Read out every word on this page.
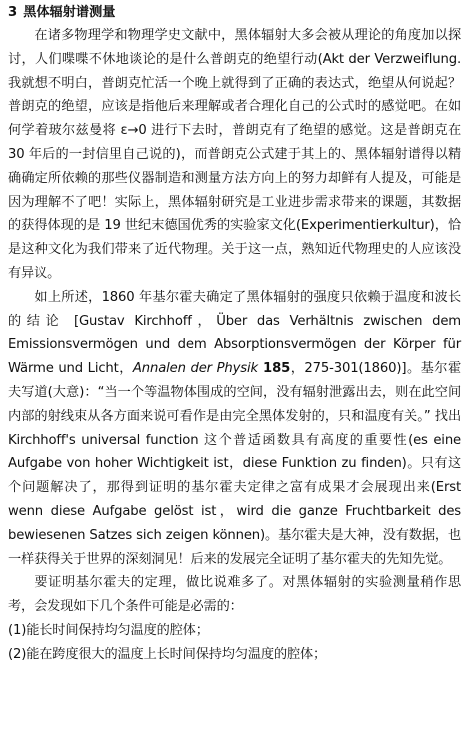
3 黑体辐射谱测量

在诸多物理学和物理学史文献中，黑体辐射大多会被从理论的角度加以探讨，人们喋喋不休地谈论的是什么普朗克的绝望行动(Akt der Verzweiflung.我就想不明白，普朗克忙活一个晚上就得到了正确的表达式，绝望从何说起？普朗克的绝望，应该是指他后来理解或者合理化自己的公式时的感觉吧。在如何学着玻尔兹曼将 ε→0 进行下去时，普朗克有了绝望的感觉。这是普朗克在 30 年后的一封信里自己说的)，而普朗克公式建于其上的、黑体辐射谱得以精确确定所依赖的那些仪器制造和测量方法方向上的努力却鲜有人提及，可能是因为理解不了吧！实际上，黑体辐射研究是工业进步需求带来的课题，其数据的获得体现的是 19 世纪末德国优秀的实验家文化(Experimentierkultur)，恰是这种文化为我们带来了近代物理。关于这一点，熟知近代物理史的人应该没有异议。

如上所述，1860 年基尔霍夫确定了黑体辐射的强度只依赖于温度和波长的结论 [Gustav Kirchhoff，Über das Verhältnis zwischen dem Emissionsvermögen und dem Absorptionsvermögen der Körper für Wärme und Licht，Annalen der Physik 185，275-301(1860)]。基尔霍夫写道(大意)：“当一个等温物体围成的空间，没有辐射泄露出去，则在此空间内部的射线束从各方面来说可看作是由完全黑体发射的，只和温度有关。” 找出 Kirchhoff's universal function 这个普适函数具有高度的重要性(es eine Aufgabe von hoher Wichtigkeit ist，diese Funktion zu finden)。只有这个问题解决了，那得到证明的基尔霍夫定律之富有成果才会展现出来(Erst wenn diese Aufgabe gelöst ist，wird die ganze Fruchtbarkeit des bewiesenen Satzes sich zeigen können)。基尔霍夫是大神，没有数据，也一样获得关于世界的深刻洞见！后来的发展完全证明了基尔霍夫的先知先觉。

要证明基尔霍夫的定理，做比说难多了。对黑体辐射的实验测量稍作思考，会发现如下几个条件可能是必需的：

(1)能长时间保持均匀温度的腔体；
(2)能在跨度很大的温度上长时间保持均匀温度的腔体；
